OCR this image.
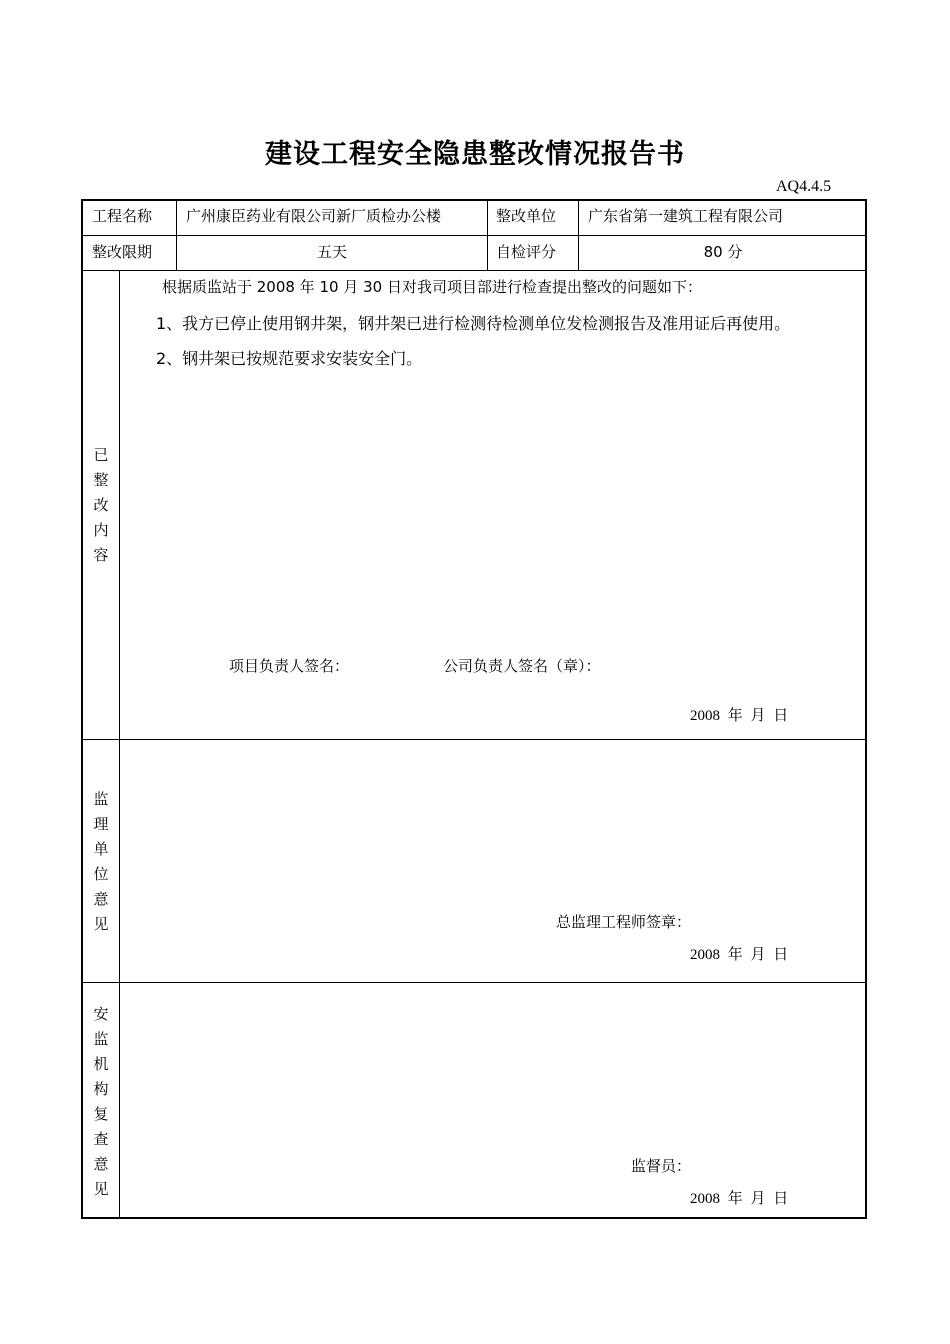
建设工程安全隐患整改情况报告书
AQ4.4.5
工程名称 广州康臣药业有限公司新厂质检办公楼	整改单位 广东省第一建筑工程有限公司
整改限期	五天	自检评分	80 分
已
整
改
内
容
根据质监站于 2008 年 10 月 30 日对我司项目部进行检查提出整改的问题如下：
1、我方已停止使用钢井架，钢井架已进行检测待检测单位发检测报告及准用证后再使用。
2、钢井架已按规范要求安装安全门。
项目负责人签名：	公司负责人签名（章）：
2008 年 月 日
监
理
单
位
意
见	总监理工程师签章：
2008 年 月 日
安
监
机
构
复
查
意
见
监督员：
2008 年 月 日
